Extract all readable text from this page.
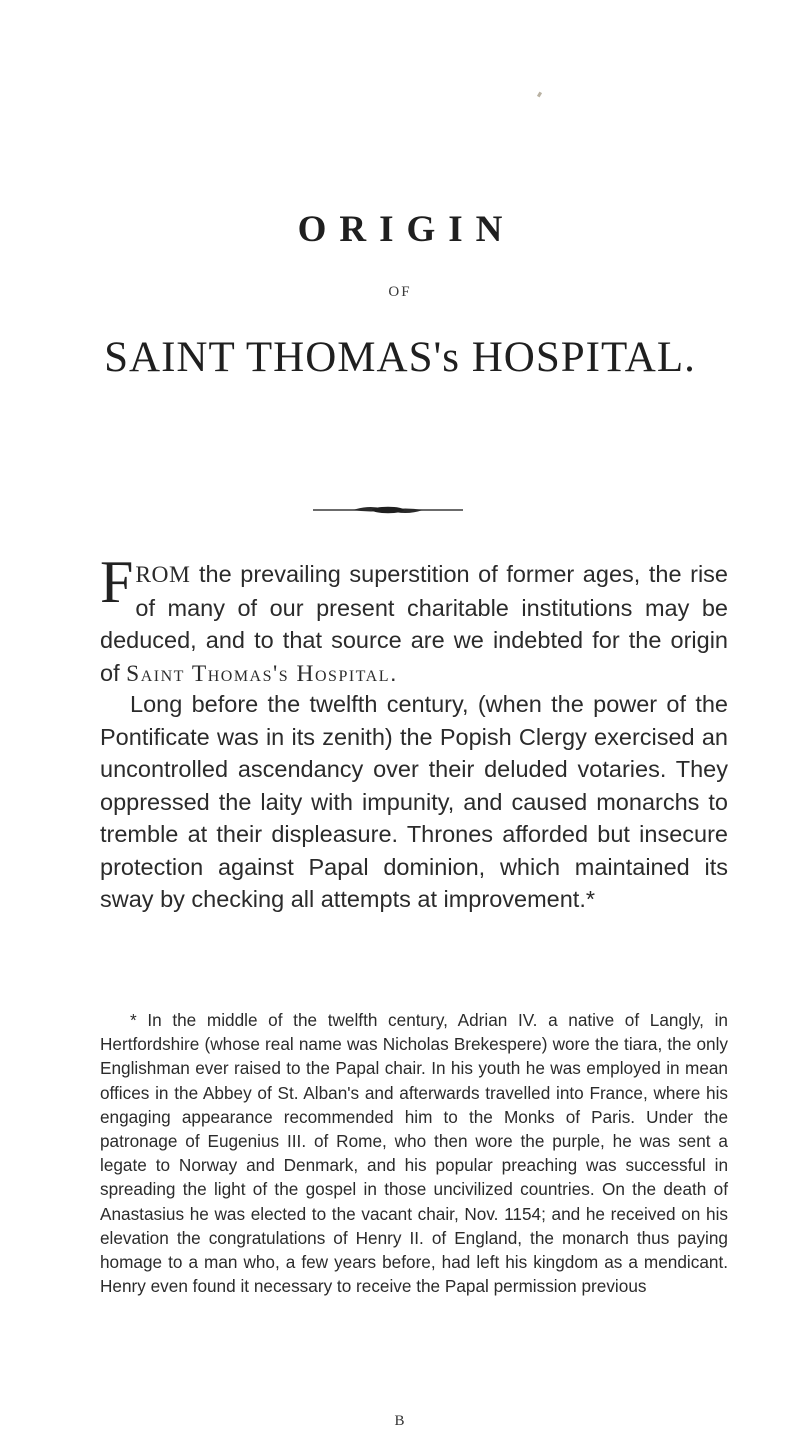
ORIGIN
OF
SAINT THOMAS's HOSPITAL.

FROM the prevailing superstition of former ages, the rise of many of our present charitable institutions may be deduced, and to that source are we indebted for the origin of Saint Thomas's Hospital.

Long before the twelfth century, (when the power of the Pontificate was in its zenith) the Popish Clergy exercised an uncontrolled ascendancy over their deluded votaries. They oppressed the laity with impunity, and caused monarchs to tremble at their displeasure. Thrones afforded but insecure protection against Papal dominion, which maintained its sway by checking all attempts at improvement.*

* In the middle of the twelfth century, Adrian IV. a native of Langly, in Hertfordshire (whose real name was Nicholas Brekespere) wore the tiara, the only Englishman ever raised to the Papal chair. In his youth he was employed in mean offices in the Abbey of St. Alban's and afterwards travelled into France, where his engaging appearance recommended him to the Monks of Paris. Under the patronage of Eugenius III. of Rome, who then wore the purple, he was sent a legate to Norway and Denmark, and his popular preaching was successful in spreading the light of the gospel in those uncivilized countries. On the death of Anastasius he was elected to the vacant chair, Nov. 1154; and he received on his elevation the congratulations of Henry II. of England, the monarch thus paying homage to a man who, a few years before, had left his kingdom as a mendicant. Henry even found it necessary to receive the Papal permission previous

B
